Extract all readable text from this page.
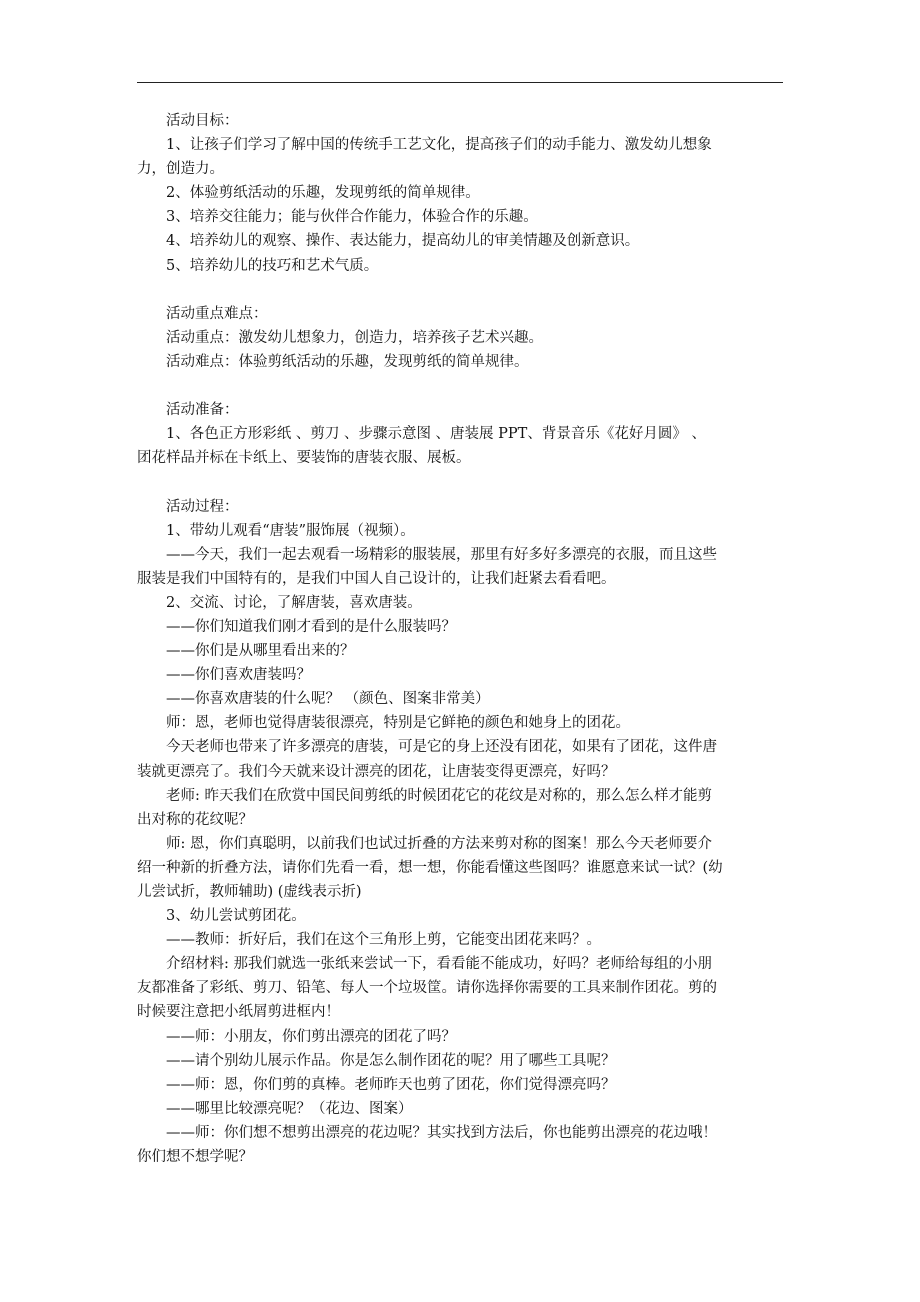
活动目标：
1、让孩子们学习了解中国的传统手工艺文化，提高孩子们的动手能力、激发幼儿想象
力，创造力。
2、体验剪纸活动的乐趣，发现剪纸的简单规律。
3、培养交往能力；能与伙伴合作能力，体验合作的乐趣。
4、培养幼儿的观察、操作、表达能力，提高幼儿的审美情趣及创新意识。
5、培养幼儿的技巧和艺术气质。
活动重点难点：
活动重点：激发幼儿想象力，创造力，培养孩子艺术兴趣。
活动难点：体验剪纸活动的乐趣，发现剪纸的简单规律。
活动准备：
1、各色正方形彩纸 、剪刀 、步骤示意图 、唐装展 PPT、背景音乐《花好月圆》 、
团花样品并标在卡纸上、要装饰的唐装衣服、展板。
活动过程：
1、带幼儿观看“唐装”服饰展（视频）。
——今天，我们一起去观看一场精彩的服装展，那里有好多好多漂亮的衣服，而且这些
服装是我们中国特有的，是我们中国人自己设计的，让我们赶紧去看看吧。
2、交流、讨论，了解唐装，喜欢唐装。
——你们知道我们刚才看到的是什么服装吗？
——你们是从哪里看出来的？
——你们喜欢唐装吗？
——你喜欢唐装的什么呢？ （颜色、图案非常美）
师：恩，老师也觉得唐装很漂亮，特别是它鲜艳的颜色和她身上的团花。
今天老师也带来了许多漂亮的唐装，可是它的身上还没有团花，如果有了团花，这件唐
装就更漂亮了。我们今天就来设计漂亮的团花，让唐装变得更漂亮，好吗？
老师: 昨天我们在欣赏中国民间剪纸的时候团花它的花纹是对称的，那么怎么样才能剪
出对称的花纹呢？
师: 恩，你们真聪明，以前我们也试过折叠的方法来剪对称的图案！那么今天老师要介
绍一种新的折叠方法，请你们先看一看，想一想，你能看懂这些图吗？谁愿意来试一试？(幼
儿尝试折，教师辅助) (虚线表示折)
3、幼儿尝试剪团花。
——教师：折好后，我们在这个三角形上剪，它能变出团花来吗？。
介绍材料: 那我们就选一张纸来尝试一下，看看能不能成功，好吗？老师给每组的小朋
友都准备了彩纸、剪刀、铅笔、每人一个垃圾筐。请你选择你需要的工具来制作团花。剪的
时候要注意把小纸屑剪进框内！
——师：小朋友，你们剪出漂亮的团花了吗？
——请个别幼儿展示作品。你是怎么制作团花的呢？用了哪些工具呢？
——师：恩，你们剪的真棒。老师昨天也剪了团花，你们觉得漂亮吗？
——哪里比较漂亮呢？（花边、图案）
——师：你们想不想剪出漂亮的花边呢？其实找到方法后，你也能剪出漂亮的花边哦！
你们想不想学呢？
